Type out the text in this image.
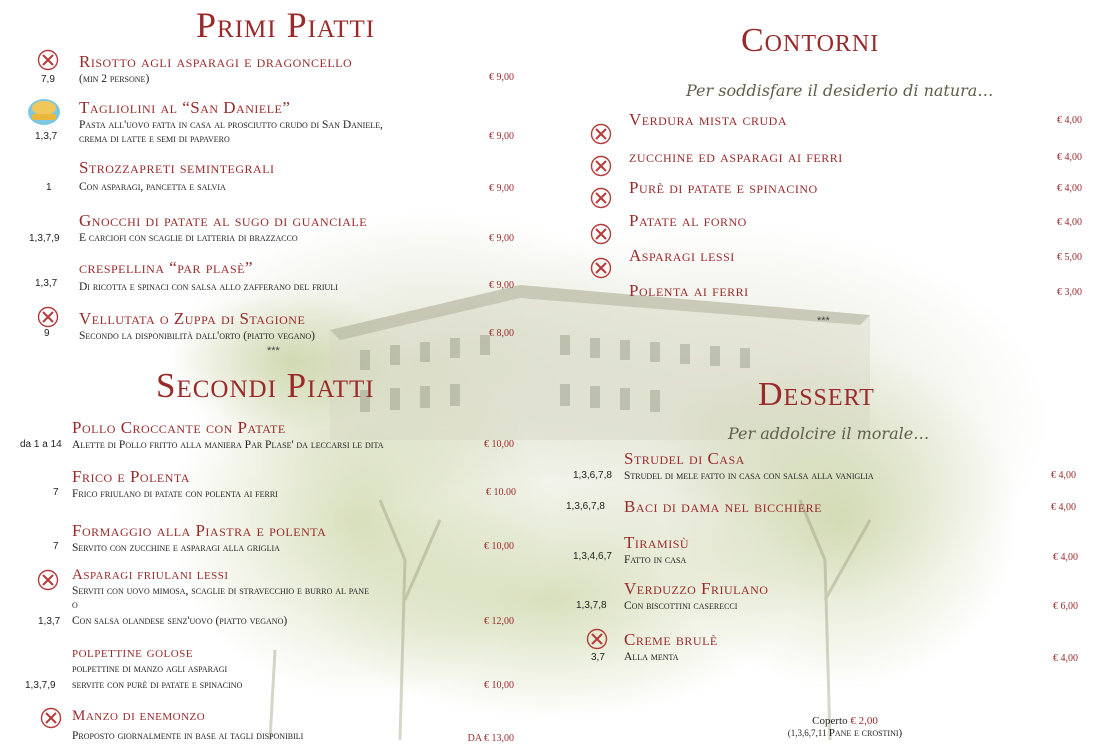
Primi Piatti
Risotto agli asparagi e dragoncello
(min 2 persone)
7,9	€ 9,00
Tagliolini al “San Daniele”
Pasta all'uovo fatta in casa al prosciutto crudo di San Daniele,
crema di latte e semi di papavero
1,3,7	€ 9,00
Strozzapreti semintegrali
Con asparagi, pancetta e salvia
1	€ 9,00
Gnocchi di patate al sugo di guanciale
E carciofi con scaglie di latteria di brazzacco
1,3,7,9	€ 9,00
crespellina “par plasè”
Di ricotta e spinaci con salsa allo zafferano del friuli
1,3,7	€ 9,00
Vellutata o Zuppa di Stagione
Secondo la disponibilità dall'orto (piatto vegano)
9	€ 8,00
***
Secondi Piatti
Pollo Croccante con Patate
Alette di Pollo fritto alla maniera Par Plase' da leccarsi le dita
da 1 a 14	€ 10,00
Frico e Polenta
Frico friulano di patate con polenta ai ferri
7	€ 10.00
Formaggio alla Piastra e polenta
Servito con zucchine e asparagi alla griglia
7	€ 10,00
Asparagi friulani lessi
Serviti con uovo mimosa, scaglie di stravecchio e burro al pane
o
Con salsa olandese senz'uovo (piatto vegano)
1,3,7	€ 12,00
polpettine golose
polpettine di manzo agli asparagi
servite con purè di patate e spinacino
1,3,7,9	€ 10,00
Manzo di enemonzo
Proposto giornalmente in base ai tagli disponibili	DA € 13,00
Contorni
Per soddisfare il desiderio di natura…
Verdura mista cruda	€ 4,00
zucchine ed asparagi ai ferri	€ 4,00
Purè di patate e spinacino	€ 4,00
Patate al forno	€ 4,00
Asparagi lessi	€ 5,00
Polenta ai ferri	€ 3,00
***
Dessert
Per addolcire il morale…
Strudel di Casa
Strudel di mele fatto in casa con salsa alla vaniglia
1,3,6,7,8	€ 4,00
Baci di dama nel bicchiere
1,3,6,7,8	€ 4,00
Tiramisù
Fatto in casa
1,3,4,6,7	€ 4,00
Verduzzo Friulano
Con biscottini caserecci
1,3,7,8	€ 6,00
Creme brulè
Alla menta
3,7	€ 4,00
Coperto € 2,00
(1,3,6,7,11 Pane e crostini)
